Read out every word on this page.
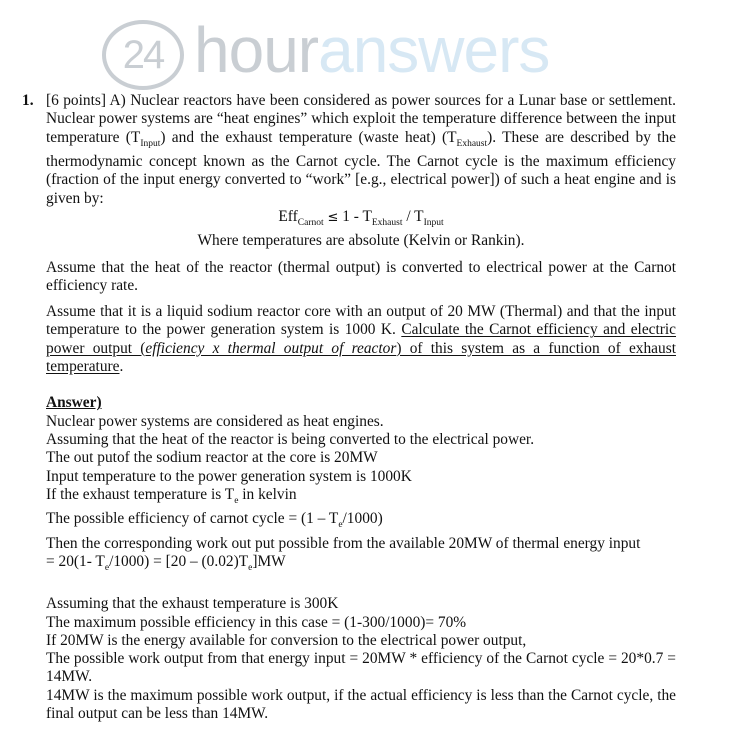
24 houranswers
1. [6 points] A) Nuclear reactors have been considered as power sources for a Lunar base or settlement. Nuclear power systems are “heat engines” which exploit the temperature difference between the input temperature $(T_{Input})$ and the exhaust temperature (waste heat) $(T_{Exhaust})$. These are described by the thermodynamic concept known as the Carnot cycle. The Carnot cycle is the maximum efficiency (fraction of the input energy converted to “work” [e.g., electrical power]) of such a heat engine and is given by:

$Eff_{Carnot} \le 1 - T_{Exhaust} / T_{Input}$

Where temperatures are absolute (Kelvin or Rankin).

Assume that the heat of the reactor (thermal output) is converted to electrical power at the Carnot efficiency rate.

Assume that it is a liquid sodium reactor core with an output of 20 MW (Thermal) and that the input temperature to the power generation system is 1000 K. Calculate the Carnot efficiency and electric power output (efficiency x thermal output of reactor) of this system as a function of exhaust temperature.

Answer)

Nuclear power systems are considered as heat engines.

Assuming that the heat of the reactor is being converted to the electrical power.

The out putof the sodium reactor at the core is 20MW

Input temperature to the power generation system is 1000K

If the exhaust temperature is $T_e$ in kelvin

The possible efficiency of carnot cycle = $(1 - T_e/1000)$

Then the corresponding work out put possible from the available 20MW of thermal energy input

= 20(1- $T_e/1000) = [20 - (0.02)T_e]MW$

Assuming that the exhaust temperature is 300K

The maximum possible efficiency in this case = (1-300/1000)= 70%

If 20MW is the energy available for conversion to the electrical power output,

The possible work output from that energy input = 20MW * efficiency of the Carnot cycle = 20*0.7 = 14MW.

14MW is the maximum possible work output, if the actual efficiency is less than the Carnot cycle, the final output can be less than 14MW.
